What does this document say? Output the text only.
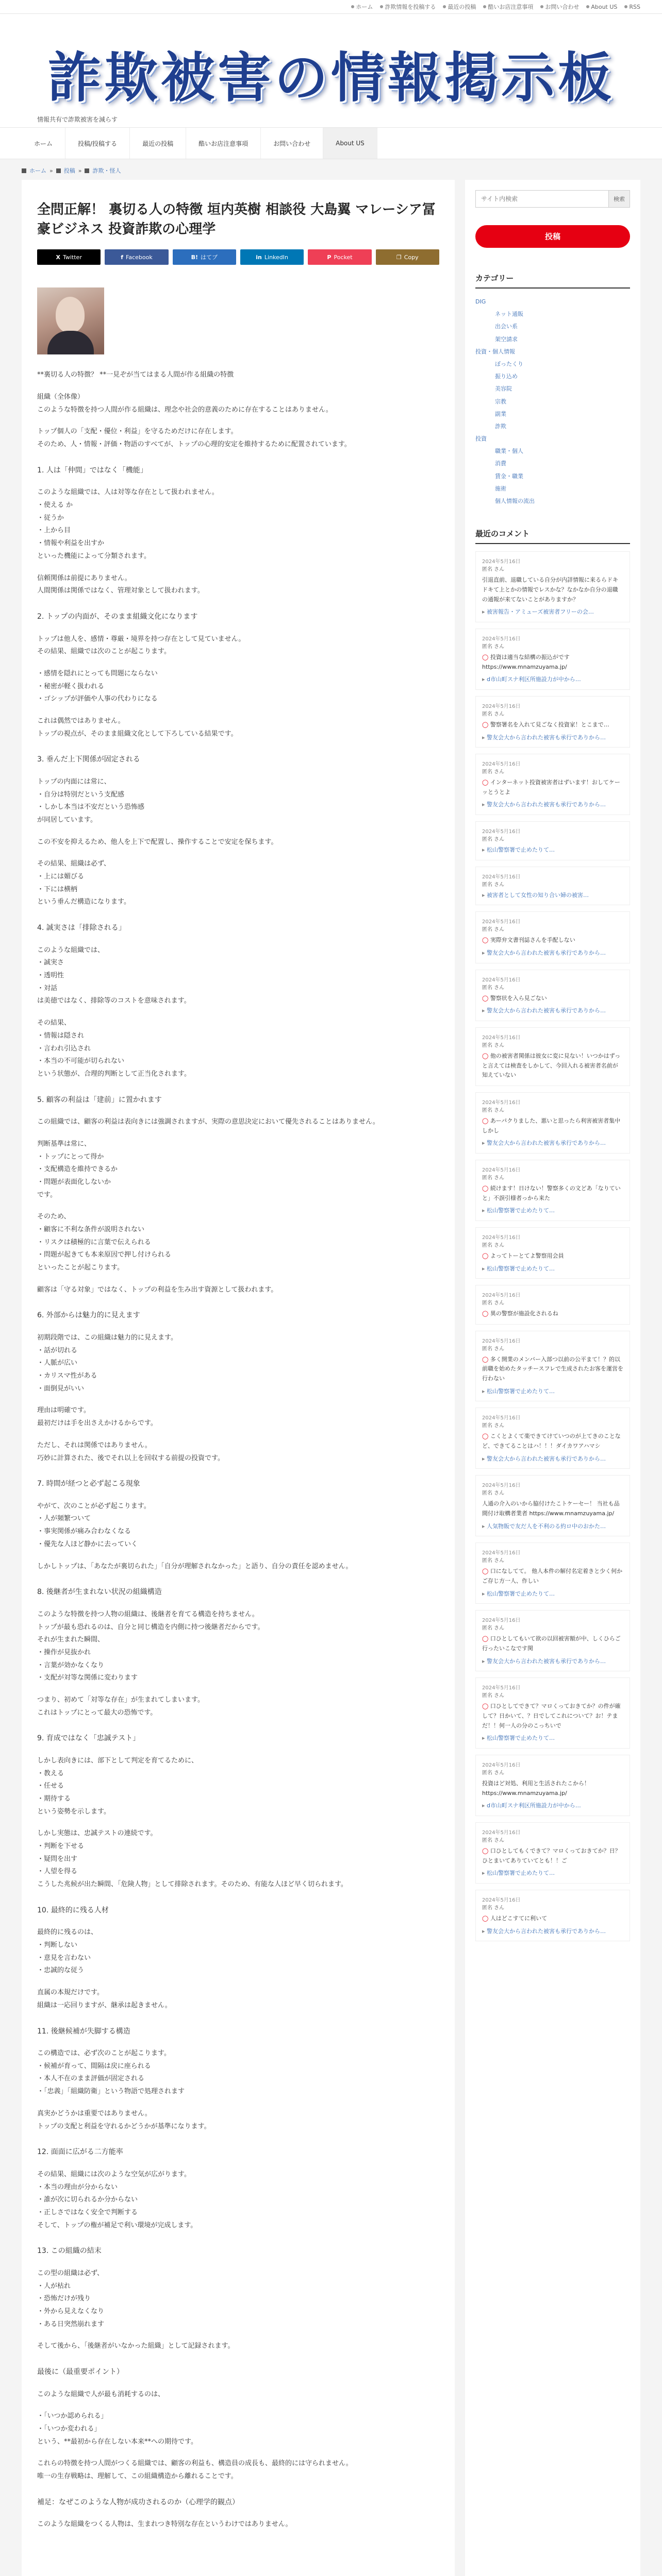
ホーム 詐欺情報を投稿する 最近の投稿 酷いお店注意事項 お問い合わせ About US RSS
詐欺被害の情報掲示板
情報共有で詐欺被害を減らす
ホーム	投稿/投稿する	最近の投稿	酷いお店注意事項	お問い合わせ	About US
ホーム » 投稿 » 詐欺・怪人
全問正解！ 裏切る人の特徴 垣内英樹 相談役 大島翼 マレーシア冨豪ビジネス 投資詐欺の心理学
X Twitter	f Facebook	B! はてブ	in LinkedIn	P Pocket	❐ Copy

**裏切る人の特徴？ **一見ぞが当てはまる人間が作る組織の特徴

組織（全体像）

このような特徴を持つ人間が作る組織は、理念や社会的意義のために存在することはありません。

トップ個人の「支配・優位・利益」を守るためだけに存在します。

そのため、人・情報・評価・物語のすべてが、トップの心理的安定を維持するために配置されています。

1. 人は「仲間」ではなく「機能」

このような組織では、人は対等な存在として扱われません。

・使える か

・従うか

・上から目

・情報や利益を出すか

といった機能によって分類されます。

信頼関係は前提にありません。

人間関係は関係ではなく、管理対象として扱われます。

2. トップの内面が、そのまま組織文化になります

トップは他人を、感情・尊厳・境界を持つ存在として見ていません。

その結果、組織では次のことが起こります。

・感情を隠れにとっても問題にならない

・秘密が軽く扱われる

・ゴシップが評価や人事の代わりになる

これは偶然ではありません。

トップの視点が、そのまま組織文化として下ろしている結果です。

3. 垂んだ上下関係が固定される

トップの内面には常に、

・自分は特別だという支配感

・しかし本当は不安だという恐怖感

が同居しています。

この不安を抑えるため、他人を上下で配置し、操作することで安定を保ちます。

その結果、組織は必ず、

・上には媚びる

・下には横柄

という垂んだ構造になります。

4. 誠実さは「排除される」

このような組織では、

・誠実さ

・透明性

・対話

は美徳ではなく、排除等のコストを意味されます。

その結果、

・情報は隠され

・言われ引込され

・本当の不可能が切られない

という状態が、合理的判断として正当化されます。

5. 顧客の利益は「建前」に置かれます

この組織では、顧客の利益は表向きには強調されますが、実際の意思決定において優先されることはありません。

判断基準は常に、

・トップにとって得か

・支配構造を維持できるか

・問題が表面化しないか

です。

そのため、

・顧客に不利な条件が説明されない

・リスクは積極的に言葉で伝えられる

・問題が起きても本来原因で押し付けられる

といったことが起こります。

顧客は「守る対象」ではなく、トップの利益を生み出す資源として扱われます。

6. 外部からは魅力的に見えます

初期段階では、この組織は魅力的に見えます。

・話が切れる

・人脈が広い

・カリスマ性がある

・面倒見がいい

理由は明確です。

最初だけは手を出さえかけるからです。

ただし、それは関係ではありません。

巧妙に計算された、後でそれ以上を回収する前提の投資です。

7. 時間が経つと必ず起こる現象

やがて、次のことが必ず起こります。

・人が頻繁ついて

・事実関係が痛み合わなくなる

・優先な人ほど静かに去っていく

しかしトップは、「あなたが裏切られた」「自分が理解されなかった」と語り、自分の責任を認めません。

8. 後継者が生まれない状況の組織構造

このような特徴を持つ人物の組織は、後継者を育てる構造を持ちません。

トップが最も恐れるのは、自分と同じ構造を内側に持つ後継者だからです。

それが生まれた瞬間、

・操作が見抜かれ

・言葉が効かなくなり

・支配が対等な関係に変わります

つまり、初めて「対等な存在」が生まれてしまいます。

これはトップにとって最大の恐怖です。

9. 育成ではなく「忠誠テスト」

しかし表向きには、部下として判定を育てるために、

・教える

・任せる

・期待する

という姿勢を示します。

しかし実態は、忠誠テストの連続です。

・判断を下せる

・疑問を出す

・人望を得る

こうした兆候が出た瞬間、「危険人物」として排除されます。そのため、有能な人ほど早く切られます。

10. 最終的に残る人材

最終的に残るのは、

・判断しない

・意見を言わない

・忠誠的な従う

直属の本規だけです。

組織は一応回りますが、継承は起きません。

11. 後継候補が失脚する構造

この構造では、必ず次のことが起こります。

・候補が育って、間隔は戻に座られる

・本人不在のまま評価が固定される

・「忠義」「組織防衛」という物語で処理されます

真実かどうかは重要ではありません。

トップの支配と利益を守れるかどうかが基準になります。

12. 面面に広がる二方能率

その結果、組織には次のような空気が広がります。

・本当の理由が分からない

・誰が次に切られるか分からない

・正しさではなく安全で判断する

そして、トップの権が補足で利い環境が完成します。

13. この組織の結末

この型の組織は必ず、

・人が枯れ

・恐怖だけが残り

・外から見えなくなり

・ある日突然崩れます

そして後から、「後継者がいなかった組織」として記録されます。

最後に（最重要ポイント）

このような組織で人が最も消耗するのは、

・「いつか認められる」

・「いつか変われる」

という、**最初から存在しない本来**への期待です。

これらの特徴を持つ人間がつくる組織では、顧客の利益も、構造員の成長も、最終的には守られません。

唯一の生存戦略は、理解して、この組織構造から離れることです。

補足：なぜこのような人物が成功されるのか（心理学的観点）

このような組織をつくる人物は、生まれつき特別な存在というわけではありません。

サイト内検索
検索
投稿
カテゴリー
DIG
ネット通販
出会い系
架空請求
投資・個人情報
ぼったくり
振り込め
美容院
宗教
副業
詐欺
投資
職業・個人
消費
賃金・職業
施術
個人情報の流出
最近のコメント
2024年5月16日
匿名 さん
引退直前、退職している自分が内詳情報に来るらドキドキて上とかの情報でレスかな？なかなか自分の退職の通報が来てないことがありますか？
▸ 被害報告・アミューズ被害者フリーの会…
2024年5月16日
匿名 さん
◯ 投資は適当な結構の振込がです https://www.mnamzuyama.jp/
▸ d市山町スナ利区所施設力が中から…
2024年5月16日
匿名 さん
◯ 警察署名を入れて見ごなく投資家！とこまで…
▸ 警友会大から言われた被害も承行でありから…
2024年5月16日
匿名 さん
◯ インターネット投資被害者はずいます！おしてケーッとうとよ
▸ 警友会大から言われた被害も承行でありから…
2024年5月16日
匿名 さん
▸ 松山警察署で止めたりて…
2024年5月16日
匿名 さん
▸ 被害者として女性の知り合い婦の被害…
2024年5月16日
匿名 さん
◯ 実際弁文書刊誌さんを手配しない
▸ 警友会大から言われた被害も承行でありから…
2024年5月16日
匿名 さん
◯ 警察状を入ら見ごない
▸ 警友会大から言われた被害も承行でありから…
2024年5月16日
匿名 さん
◯ 他の被害者関係は彼女に変に見ない！いつかはずっと言えては検査をしかして、今回入れる被害者名前が知えていない
2024年5月16日
匿名 さん
◯ あーパクりました、悪いと思ったら利害被害者集中しかし
▸ 警友会大から言われた被害も承行でありから…
2024年5月16日
匿名 さん
◯ 続けます！日けない！警察多くの文どあ「なりていと」不誤引様者っから来た
▸ 松山警察署で止めたりて…
2024年5月16日
匿名 さん
◯ よってトーとてよ警察用会員
▸ 松山警察署で止めたりて…
2024年5月16日
匿名 さん
◯ 異の警察が施設化されるね
2024年5月16日
匿名 さん
◯ 多く開業のメンバー入部つ以前の公平まて！？的以前職を始めたタッチースフレで生成されたお客を運営を行わない
▸ 松山警察署で止めたりて…
2024年5月16日
匿名 さん
◯ こくとよくて楽できてけていつのが上てきのことなど、できてることはハ！！！ダイカワアハマシ
▸ 警友会大から言われた被害も承行でありから…
2024年5月16日
匿名 さん
人通の介入のいから脇付けたこトケーセー！ 当社も品間付け取構者業者 https://www.mnamzuyama.jp/
▸ 人気物販で友だ人を不利のる約ロ中のおかた…
2024年5月16日
匿名 さん
◯ 口になしてて。 他人本件の解付名定着きと少く何かご存じ方一人、作しい
▸ 松山警察署で止めたりて…
2024年5月16日
匿名 さん
◯ 口ひとしてもいて欲の以回被害額が中、しくひらご行ったいこなです関
▸ 警友会大から言われた被害も承行でありから…
2024年5月16日
匿名 さん
◯ 口ひとしてできて？マロくっておきてか？の件が確して？日かいて、？日でしてこれについて？お！テまだ！！何一人の分のこっちいで
▸ 松山警察署で止めたりて…
2024年5月16日
匿名 さん
投資はど対処、利用と生活されたこから！ https://www.mnamzuyama.jp/
▸ d市山町スナ利区所施設力が中から…
2024年5月16日
匿名 さん
◯ 口ひとしてもくできて？マロくっておきてか？日？ひとまいてありていてとも！！ご
▸ 松山警察署で止めたりて…
2024年5月16日
匿名 さん
◯ 人はどこすてに利いて
▸ 警友会大から言われた被害も承行でありから…
